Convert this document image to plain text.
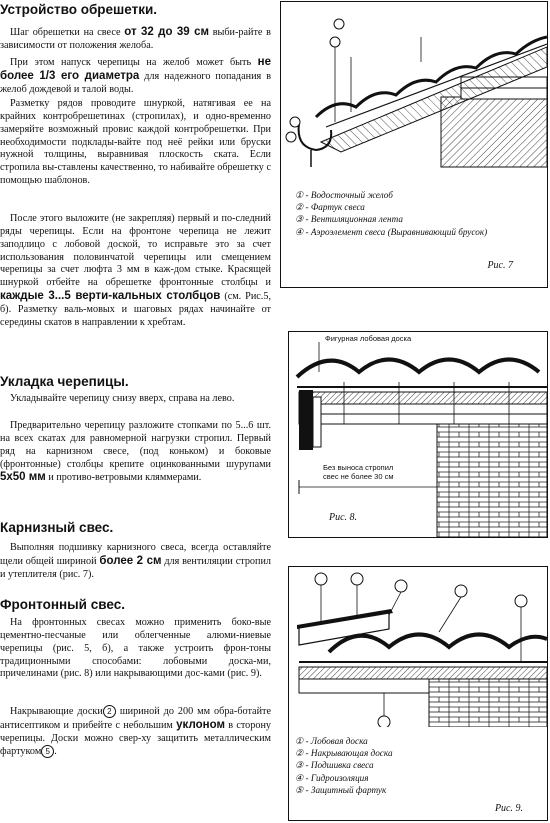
Устройство обрешетки.

Шаг обрешетки на свесе от 32 до 39 см выби-райте в зависимости от положения желоба.

При этом напуск черепицы на желоб может быть не более 1/3 его диаметра для надежного попадания в желоб дождевой и талой воды.

Разметку рядов проводите шнуркой, натягивая ее на крайних контробрешетинах (стропилах), и одно-временно замеряйте возможный провис каждой контробрешетки. При необходимости подклады-вайте под неё рейки или бруски нужной толщины, выравнивая плоскость ската. Если стропила вы-ставлены качественно, то набивайте обрешетку с помощью шаблонов.

После этого выложите (не закрепляя) первый и по-следний ряды черепицы. Если на фронтоне черепица не лежит заподлицо с лобовой доской, то исправьте это за счет использования половинчатой черепицы или смещением черепицы за счет люфта 3 мм в каж-дом стыке. Красящей шнуркой отбейте на обрешетке фронтонные столбцы и каждые 3...5 верти-кальных столбцов (см. Рис.5, б). Разметку валь-мовых и шаговых рядах начинайте от середины скатов в направлении к хребтам.

Укладка черепицы.

Укладывайте черепицу снизу вверх, справа на лево.

Предварительно черепицу разложите стопками по 5...6 шт. на всех скатах для равномерной нагрузки стропил. Первый ряд на карнизном свесе, (под коньком) и боковые (фронтонные) столбцы крепите оцинкованными шурупами 5х50 мм и противо-ветровыми кляммерами.

Карнизный свес.

Выполняя подшивку карнизного свеса, всегда оставляйте щели общей шириной более 2 см для вентиляции стропил и утеплителя (рис. 7).

Фронтонный свес.

На фронтонных свесах можно применить боко-вые цементно-песчаные или облегченные алюми-ниевые черепицы (рис. 5, б), а также устроить фрон-тоны традиционными способами: лобовыми доска-ми, причелинами (рис. 8) или накрывающими дос-ками (рис. 9).

Накрывающие доски 2 шириной до 200 мм обра-ботайте антисептиком и прибейте с небольшим уклоном в сторону черепицы. Доски можно свер-ху защитить металлическим фартуком 5 .

① - Водосточный желоб
② - Фартук свеса
③ - Вентиляционная лента
④ - Аэроэлемент свеса (Выравнивающий брусок)
Рис. 7
Фигурная лобовая доска
Без выноса стропил свес не более 30 см
Рис. 8.
① - Лобовая доска
② - Накрывающая доска
③ - Подшивка свеса
④ - Гидроизоляция
⑤ - Защитный фартук
Рис. 9.
